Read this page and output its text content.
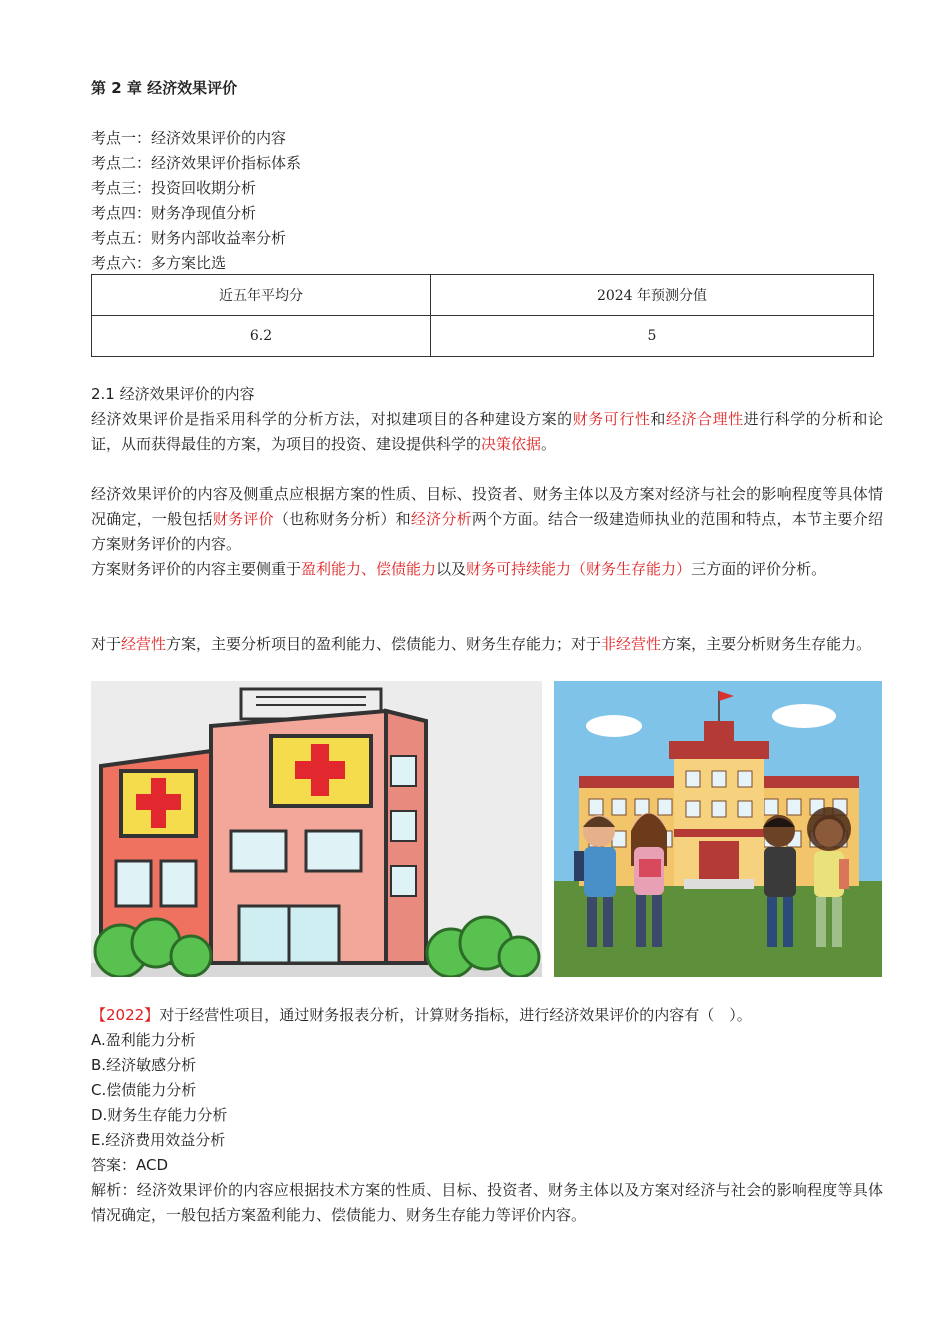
第 2 章 经济效果评价
考点一：经济效果评价的内容
考点二：经济效果评价指标体系
考点三：投资回收期分析
考点四：财务净现值分析
考点五：财务内部收益率分析
考点六：多方案比选
近五年平均分	2024 年预测分值
6.2	5
2.1 经济效果评价的内容
经济效果评价是指采用科学的分析方法，对拟建项目的各种建设方案的财务可行性和经济合理性进行科学的分析和论证，从而获得最佳的方案，为项目的投资、建设提供科学的决策依据。
经济效果评价的内容及侧重点应根据方案的性质、目标、投资者、财务主体以及方案对经济与社会的影响程度等具体情况确定，一般包括财务评价（也称财务分析）和经济分析两个方面。结合一级建造师执业的范围和特点，本节主要介绍方案财务评价的内容。
方案财务评价的内容主要侧重于盈利能力、偿债能力以及财务可持续能力（财务生存能力）三方面的评价分析。
对于经营性方案，主要分析项目的盈利能力、偿债能力、财务生存能力；对于非经营性方案，主要分析财务生存能力。
【2022】对于经营性项目，通过财务报表分析，计算财务指标，进行经济效果评价的内容有（　）。
A.盈利能力分析
B.经济敏感分析
C.偿债能力分析
D.财务生存能力分析
E.经济费用效益分析
答案：ACD
解析：经济效果评价的内容应根据技术方案的性质、目标、投资者、财务主体以及方案对经济与社会的影响程度等具体情况确定，一般包括方案盈利能力、偿债能力、财务生存能力等评价内容。
